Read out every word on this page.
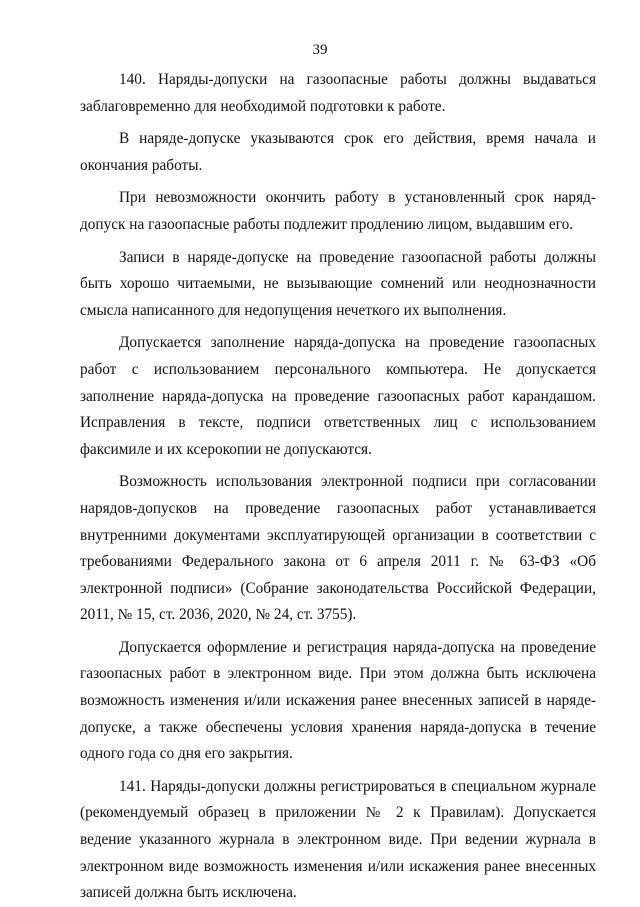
39

140. Наряды-допуски на газоопасные работы должны выдаваться заблаговременно для необходимой подготовки к работе.

В наряде-допуске указываются срок его действия, время начала и окончания работы.

При невозможности окончить работу в установленный срок наряд-допуск на газоопасные работы подлежит продлению лицом, выдавшим его.

Записи в наряде-допуске на проведение газоопасной работы должны быть хорошо читаемыми, не вызывающие сомнений или неоднозначности смысла написанного для недопущения нечеткого их выполнения.

Допускается заполнение наряда-допуска на проведение газоопасных работ с использованием персонального компьютера. Не допускается заполнение наряда-допуска на проведение газоопасных работ карандашом. Исправления в тексте, подписи ответственных лиц с использованием факсимиле и их ксерокопии не допускаются.

Возможность использования электронной подписи при согласовании нарядов-допусков на проведение газоопасных работ устанавливается внутренними документами эксплуатирующей организации в соответствии с требованиями Федерального закона от 6 апреля 2011 г. № 63-ФЗ «Об электронной подписи» (Собрание законодательства Российской Федерации, 2011, № 15, ст. 2036, 2020, № 24, ст. 3755).

Допускается оформление и регистрация наряда-допуска на проведение газоопасных работ в электронном виде. При этом должна быть исключена возможность изменения и/или искажения ранее внесенных записей в наряде-допуске, а также обеспечены условия хранения наряда-допуска в течение одного года со дня его закрытия.

141. Наряды-допуски должны регистрироваться в специальном журнале (рекомендуемый образец в приложении № 2 к Правилам). Допускается ведение указанного журнала в электронном виде. При ведении журнала в электронном виде возможность изменения и/или искажения ранее внесенных записей должна быть исключена.
